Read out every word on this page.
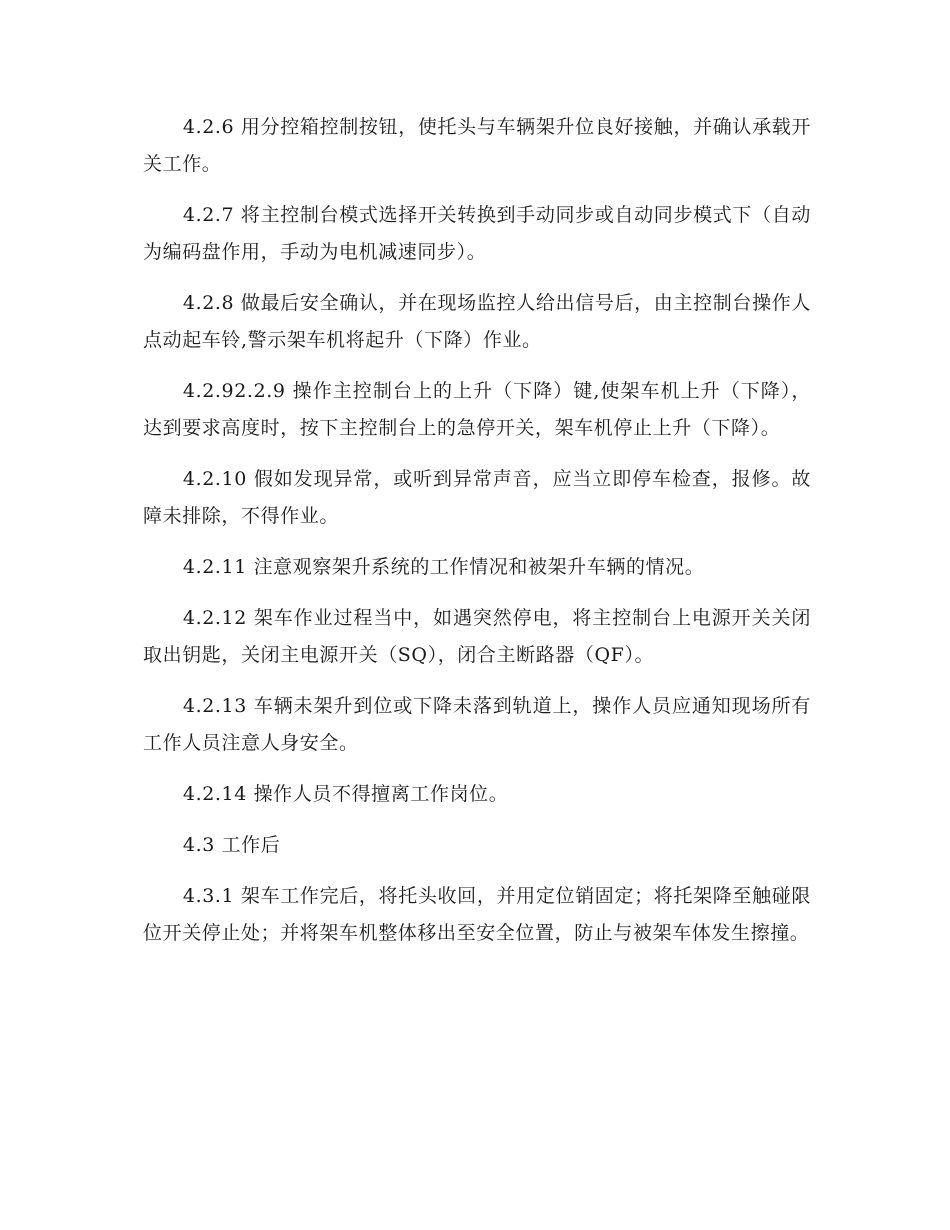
4.2.6 用分控箱控制按钮，使托头与车辆架升位良好接触，并确认承载开关工作。

4.2.7 将主控制台模式选择开关转换到手动同步或自动同步模式下（自动为编码盘作用，手动为电机减速同步）。

4.2.8 做最后安全确认，并在现场监控人给出信号后，由主控制台操作人点动起车铃,警示架车机将起升（下降）作业。

4.2.92.2.9 操作主控制台上的上升（下降）键,使架车机上升（下降），达到要求高度时，按下主控制台上的急停开关，架车机停止上升（下降）。

4.2.10 假如发现异常，或听到异常声音，应当立即停车检查，报修。故障未排除，不得作业。

4.2.11 注意观察架升系统的工作情况和被架升车辆的情况。

4.2.12 架车作业过程当中，如遇突然停电，将主控制台上电源开关关闭取出钥匙，关闭主电源开关（SQ），闭合主断路器（QF）。

4.2.13 车辆未架升到位或下降未落到轨道上，操作人员应通知现场所有工作人员注意人身安全。

4.2.14 操作人员不得擅离工作岗位。

4.3 工作后

4.3.1 架车工作完后，将托头收回，并用定位销固定；将托架降至触碰限位开关停止处；并将架车机整体移出至安全位置，防止与被架车体发生擦撞。
